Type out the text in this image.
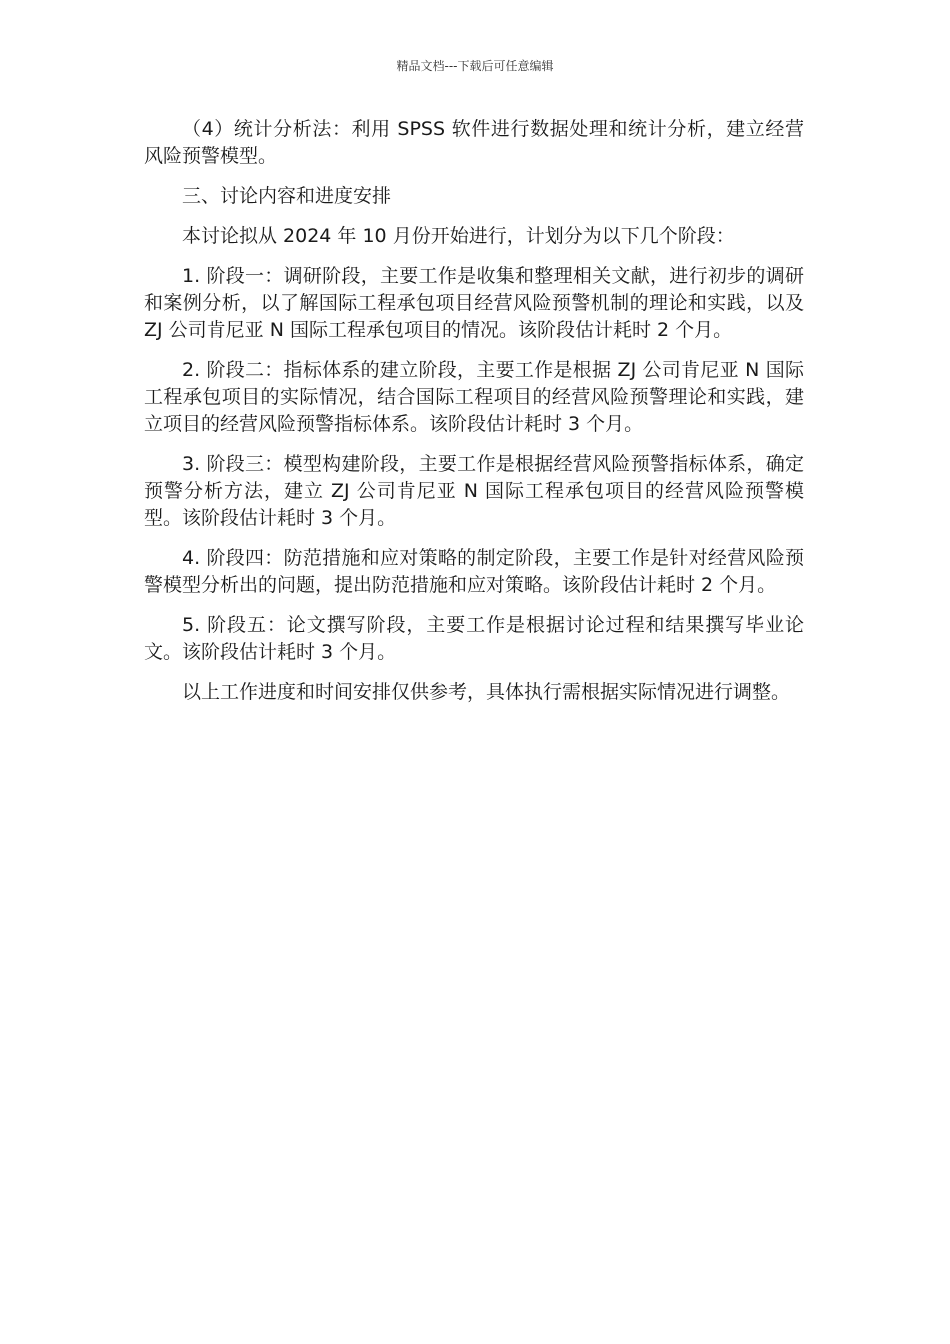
精品文档---下载后可任意编辑

（4）统计分析法：利用 SPSS 软件进行数据处理和统计分析，建立经营风险预警模型。

三、讨论内容和进度安排

本讨论拟从 2024 年 10 月份开始进行，计划分为以下几个阶段：

1. 阶段一：调研阶段，主要工作是收集和整理相关文献，进行初步的调研和案例分析，以了解国际工程承包项目经营风险预警机制的理论和实践，以及 ZJ 公司肯尼亚 N 国际工程承包项目的情况。该阶段估计耗时 2 个月。

2. 阶段二：指标体系的建立阶段，主要工作是根据 ZJ 公司肯尼亚 N 国际工程承包项目的实际情况，结合国际工程项目的经营风险预警理论和实践，建立项目的经营风险预警指标体系。该阶段估计耗时 3 个月。

3. 阶段三：模型构建阶段，主要工作是根据经营风险预警指标体系，确定预警分析方法，建立 ZJ 公司肯尼亚 N 国际工程承包项目的经营风险预警模型。该阶段估计耗时 3 个月。

4. 阶段四：防范措施和应对策略的制定阶段，主要工作是针对经营风险预警模型分析出的问题，提出防范措施和应对策略。该阶段估计耗时 2 个月。

5. 阶段五：论文撰写阶段，主要工作是根据讨论过程和结果撰写毕业论文。该阶段估计耗时 3 个月。

以上工作进度和时间安排仅供参考，具体执行需根据实际情况进行调整。
